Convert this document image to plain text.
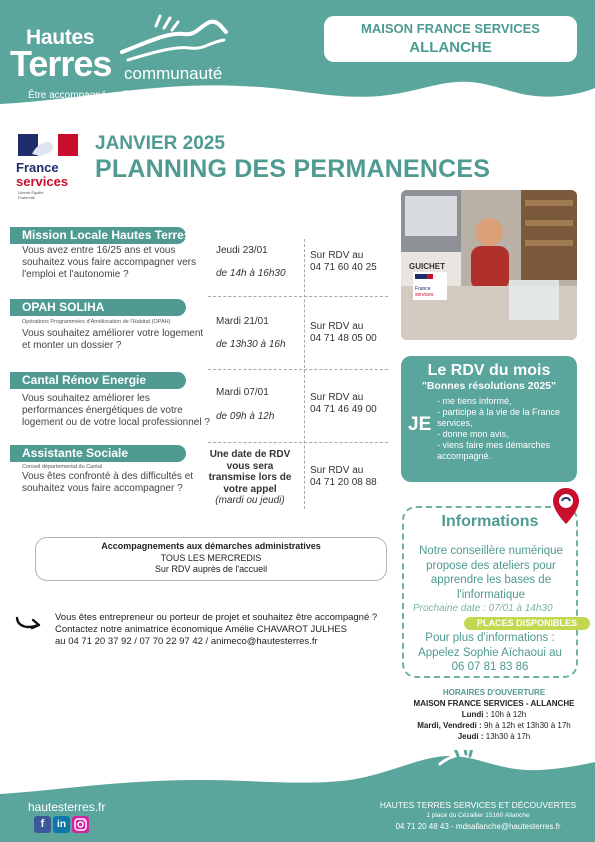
Hautes
Terres communauté
Être accompagné en Terres de Volcan
MAISON FRANCE SERVICES
ALLANCHE
France
services
Liberté Égalité Fraternité
JANVIER 2025
PLANNING DES PERMANENCES
Mission Locale Hautes Terres
Vous avez entre 16/25 ans et vous souhaitez vous faire accompagner vers l'emploi et l'autonomie ?
Jeudi 23/01
de 14h à 16h30
Sur RDV au
04 71 60 40 25
OPAH SOLIHA
Opérations Programmées d'Amélioration de l'Habitat (OPAH)
Vous souhaitez améliorer votre logement et monter un dossier ?
Mardi 21/01
de 13h30 à 16h
Sur RDV au
04 71 48 05 00
Cantal Rénov Energie
Vous souhaitez améliorer les performances énergétiques de votre logement ou de votre local professionnel ?
Mardi 07/01
de 09h à 12h
Sur RDV au
04 71 46 49 00
Assistante Sociale
Conseil départemental du Cantal
Vous êtes confronté à des difficultés et souhaitez vous faire accompagner ?
Sur RDV au
04 71 20 08 88
Une date de RDV
vous sera
transmise lors de
votre appel
(mardi ou jeudi)
GUICHET
France
services
Le RDV du mois
"Bonnes résolutions 2025"
JE
- me tiens informé,
- participe à la vie de la France services,
- donne mon avis,
- viens faire mes démarches accompagné.
Informations
Notre conseillère numérique propose des ateliers pour apprendre les bases de l'informatique
Prochaine date : 07/01 à 14h30
PLACES DISPONIBLES
Pour plus d'informations :
Appelez Sophie Aïchaoui au
06 07 81 83 86
HORAIRES D'OUVERTURE
MAISON FRANCE SERVICES - ALLANCHE
Lundi : 10h à 12h
Mardi, Vendredi : 9h à 12h et 13h30 à 17h
Jeudi : 13h30 à 17h
Accompagnements aux démarches administratives
TOUS LES MERCREDIS
Sur RDV auprès de l'accueil
Vous êtes entrepreneur ou porteur de projet et souhaitez être accompagné ?
Contactez notre animatrice économique Amélie CHAVAROT JULHES
au 04 71 20 37 92 / 07 70 22 97 42 / animeco@hautesterres.fr
hautesterres.fr
f	in
HAUTES TERRES SERVICES ET DÉCOUVERTES
1 place du Cézallier 15160 Allanche
04 71 20 48 43 - mdsallanche@hautesterres.fr
